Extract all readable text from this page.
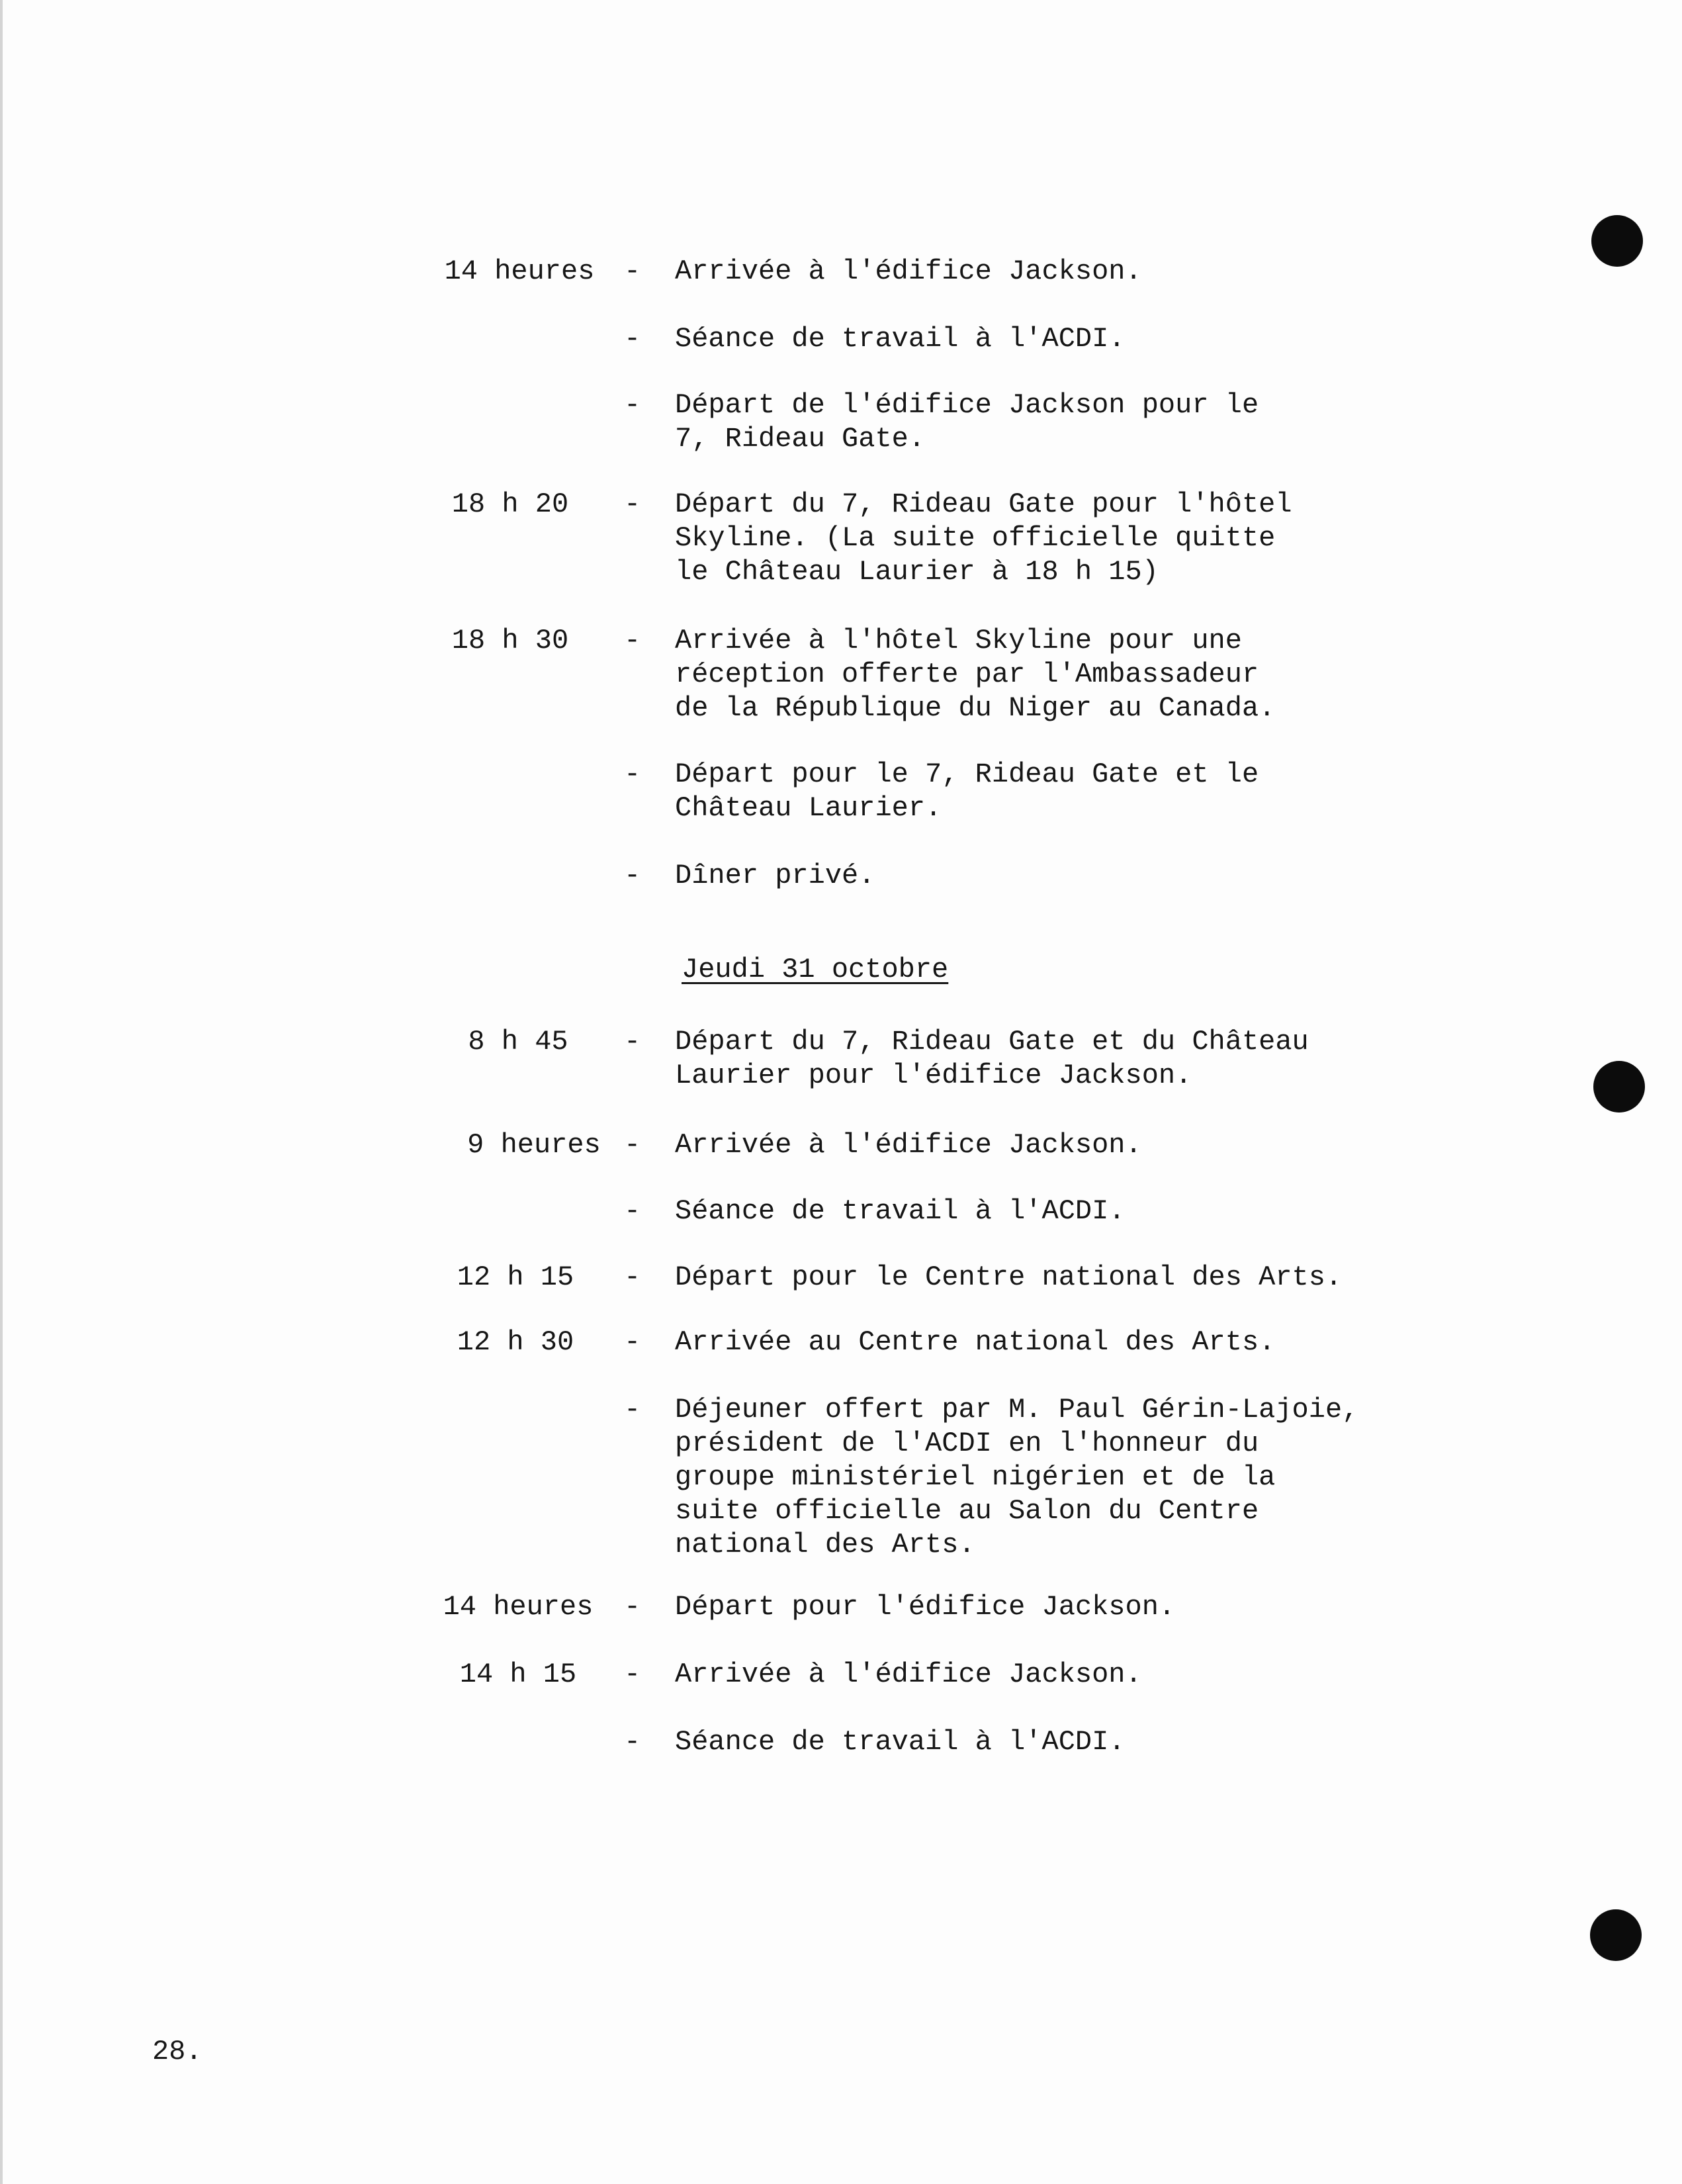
14 heures	- Arrivée à l'édifice Jackson.
- Séance de travail à l'ACDI.
- Départ de l'édifice Jackson pour le
7, Rideau Gate.
18 h 20	- Départ du 7, Rideau Gate pour l'hôtel
Skyline. (La suite officielle quitte
le Château Laurier à 18 h 15)
18 h 30	- Arrivée à l'hôtel Skyline pour une
réception offerte par l'Ambassadeur
de la République du Niger au Canada.
- Départ pour le 7, Rideau Gate et le
Château Laurier.
- Dîner privé.
Jeudi 31 octobre
8 h 45	- Départ du 7, Rideau Gate et du Château
Laurier pour l'édifice Jackson.
9 heures - Arrivée à l'édifice Jackson.
- Séance de travail à l'ACDI.
12 h 15	- Départ pour le Centre national des Arts.
12 h 30	- Arrivée au Centre national des Arts.
- Déjeuner offert par M. Paul Gérin-Lajoie,
président de l'ACDI en l'honneur du
groupe ministériel nigérien et de la
suite officielle au Salon du Centre
national des Arts.
14 heures	- Départ pour l'édifice Jackson.
14 h 15	- Arrivée à l'édifice Jackson.
- Séance de travail à l'ACDI.
28.
